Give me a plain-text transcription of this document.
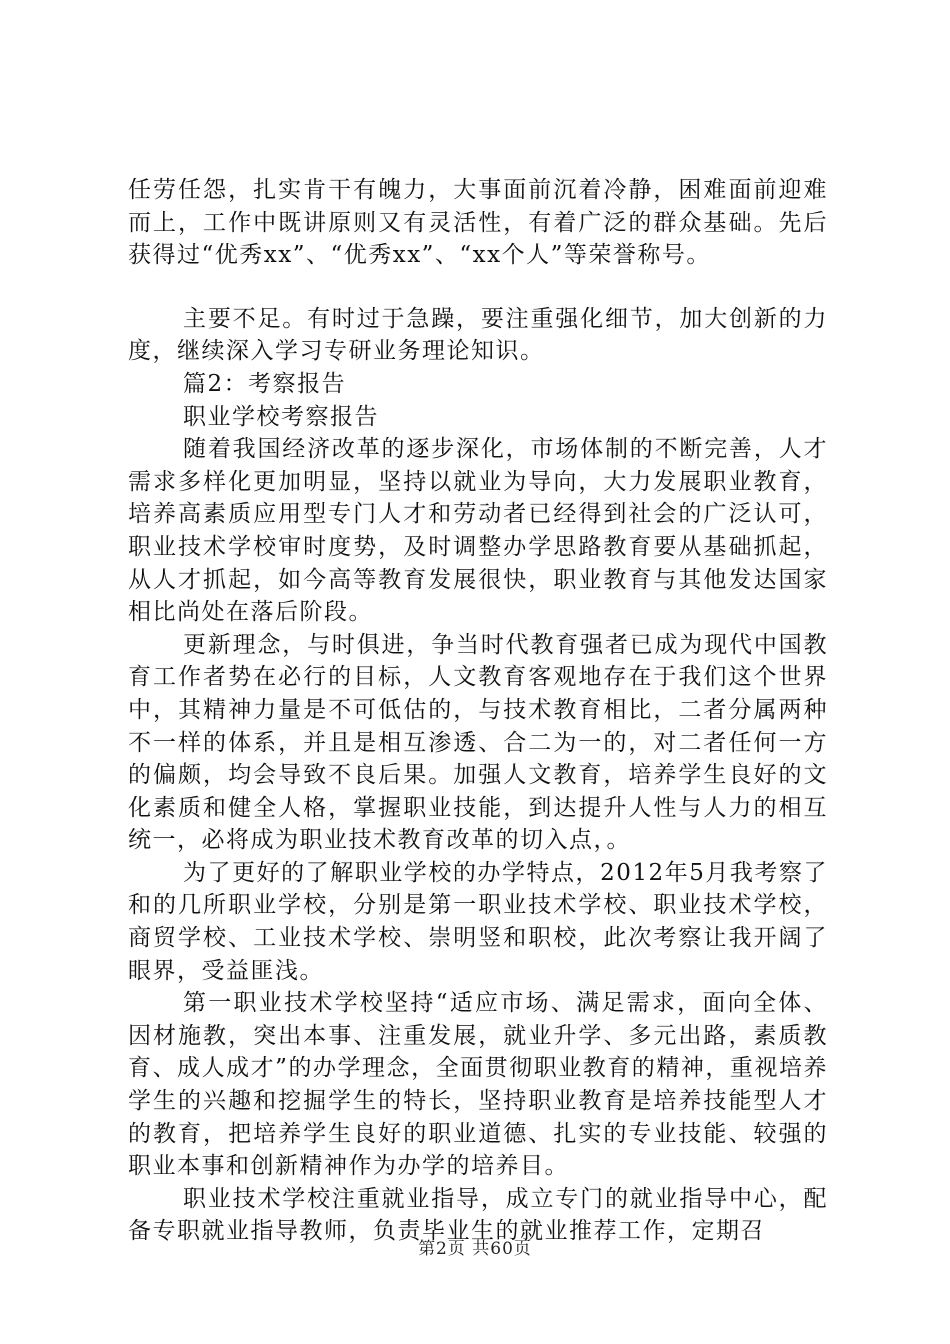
任劳任怨，扎实肯干有魄力，大事面前沉着冷静，困难面前迎难而上，工作中既讲原则又有灵活性，有着广泛的群众基础。先后获得过“优秀xx”、“优秀xx”、“xx个人”等荣誉称号。

主要不足。有时过于急躁，要注重强化细节，加大创新的力度，继续深入学习专研业务理论知识。

篇2：考察报告

职业学校考察报告

随着我国经济改革的逐步深化，市场体制的不断完善，人才需求多样化更加明显，坚持以就业为导向，大力发展职业教育，培养高素质应用型专门人才和劳动者已经得到社会的广泛认可，职业技术学校审时度势，及时调整办学思路教育要从基础抓起，从人才抓起，如今高等教育发展很快，职业教育与其他发达国家相比尚处在落后阶段。

更新理念，与时俱进，争当时代教育强者已成为现代中国教育工作者势在必行的目标，人文教育客观地存在于我们这个世界中，其精神力量是不可低估的，与技术教育相比，二者分属两种不一样的体系，并且是相互渗透、合二为一的，对二者任何一方的偏颇，均会导致不良后果。加强人文教育，培养学生良好的文化素质和健全人格，掌握职业技能，到达提升人性与人力的相互统一，必将成为职业技术教育改革的切入点，。

为了更好的了解职业学校的办学特点，2012年5月我考察了和的几所职业学校，分别是第一职业技术学校、职业技术学校，商贸学校、工业技术学校、崇明竖和职校，此次考察让我开阔了眼界，受益匪浅。

第一职业技术学校坚持“适应市场、满足需求，面向全体、因材施教，突出本事、注重发展，就业升学、多元出路，素质教育、成人成才”的办学理念，全面贯彻职业教育的精神，重视培养学生的兴趣和挖掘学生的特长，坚持职业教育是培养技能型人才的教育，把培养学生良好的职业道德、扎实的专业技能、较强的职业本事和创新精神作为办学的培养目。

职业技术学校注重就业指导，成立专门的就业指导中心，配备专职就业指导教师，负责毕业生的就业推荐工作，定期召

第2页 共60页
